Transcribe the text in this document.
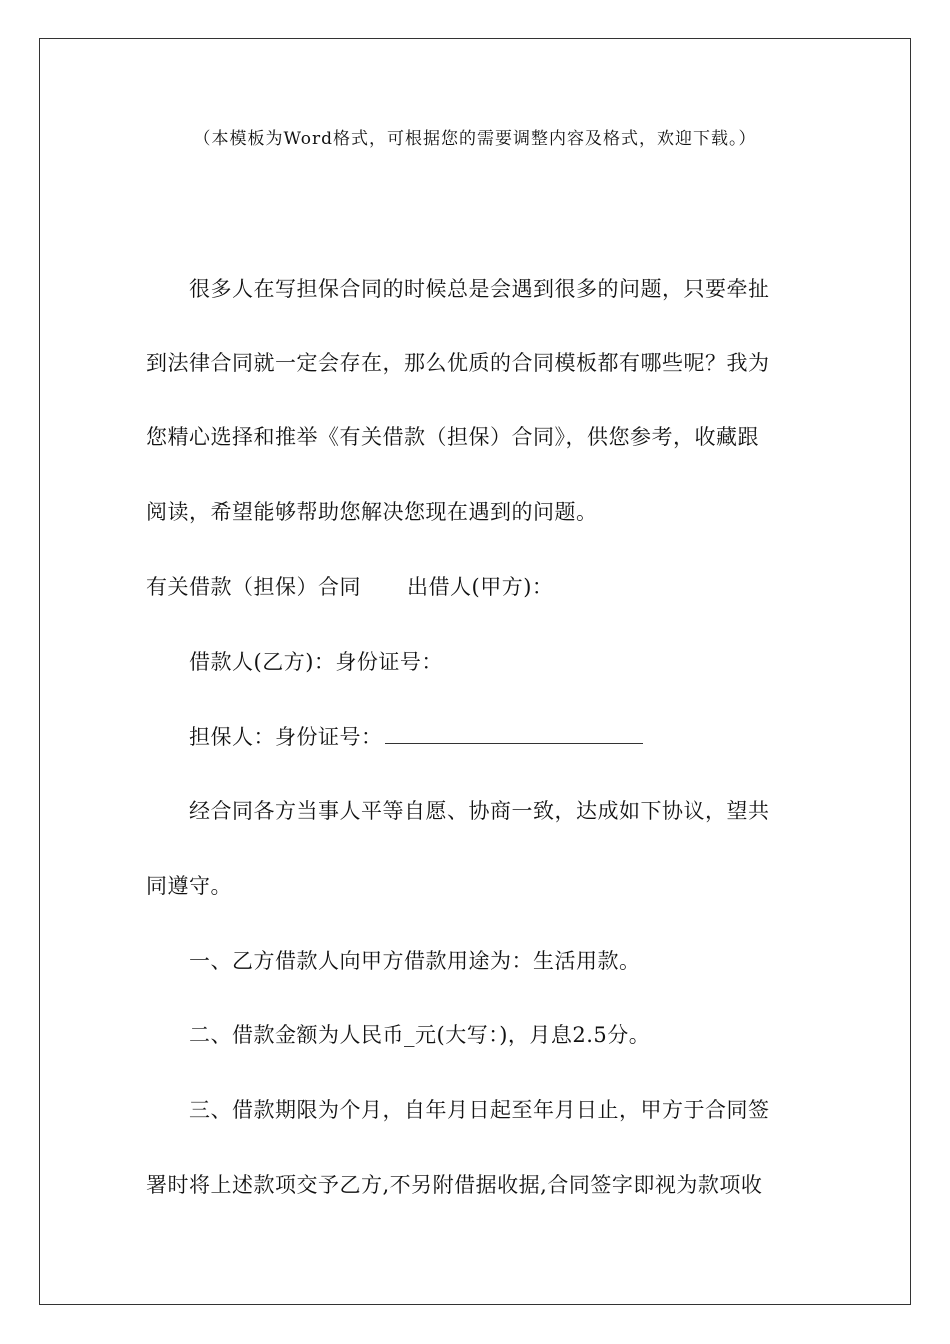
（本模板为Word格式，可根据您的需要调整内容及格式，欢迎下载。）
很多人在写担保合同的时候总是会遇到很多的问题，只要牵扯
到法律合同就一定会存在，那么优质的合同模板都有哪些呢？我为
您精心选择和推举《有关借款（担保）合同》，供您参考，收藏跟
阅读，希望能够帮助您解决您现在遇到的问题。
有关借款（担保）合同 出借人(甲方)：
借款人(乙方)：身份证号：
担保人：身份证号：
经合同各方当事人平等自愿、协商一致，达成如下协议，望共
同遵守。
一、乙方借款人向甲方借款用途为：生活用款。
二、借款金额为人民币_元(大写：)，月息2.5分。
三、借款期限为个月，自年月日起至年月日止，甲方于合同签
署时将上述款项交予乙方,不另附借据收据,合同签字即视为款项收
